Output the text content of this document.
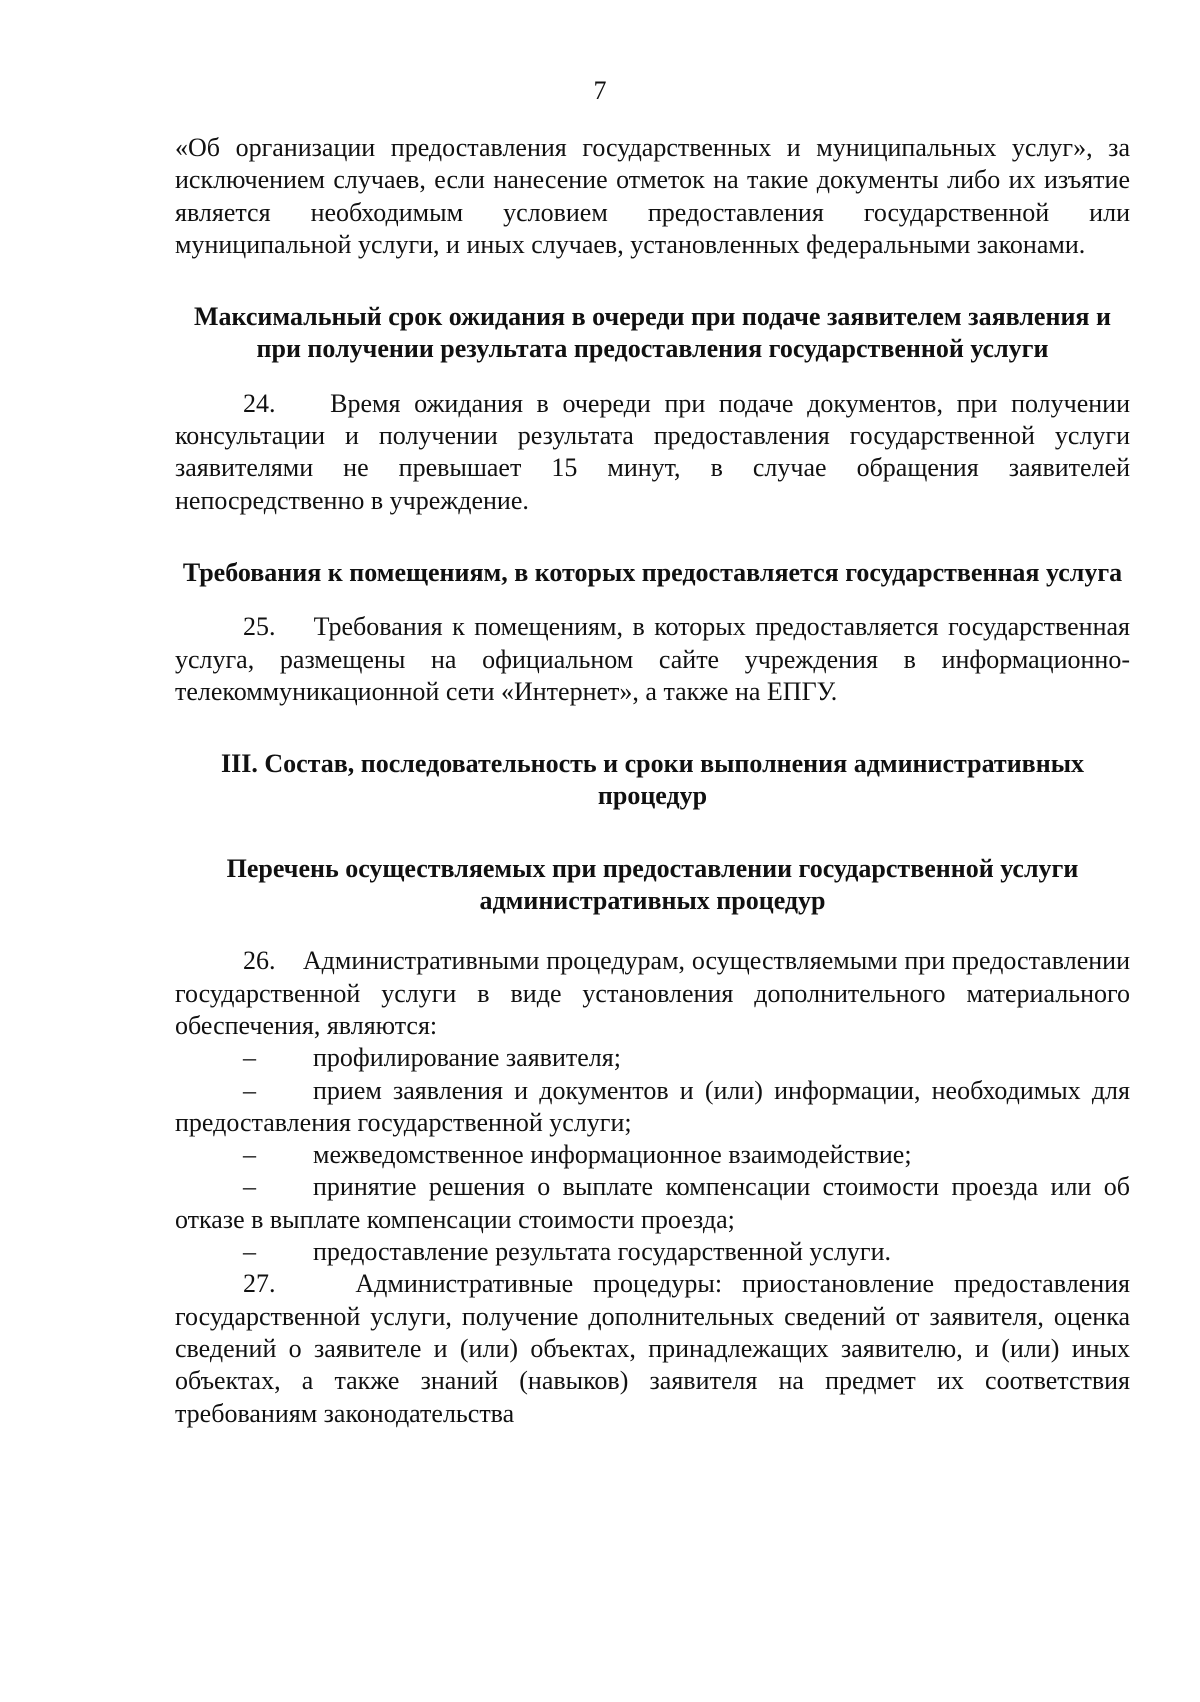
7

«Об организации предоставления государственных и муниципальных услуг», за исключением случаев, если нанесение отметок на такие документы либо их изъятие является необходимым условием предоставления государственной или муниципальной услуги, и иных случаев, установленных федеральными законами.

Максимальный срок ожидания в очереди при подаче заявителем заявления и при получении результата предоставления государственной услуги

24. Время ожидания в очереди при подаче документов, при получении консультации и получении результата предоставления государственной услуги заявителями не превышает 15 минут, в случае обращения заявителей непосредственно в учреждение.

Требования к помещениям, в которых предоставляется государственная услуга

25. Требования к помещениям, в которых предоставляется государственная услуга, размещены на официальном сайте учреждения в информационно-телекоммуникационной сети «Интернет», а также на ЕПГУ.

III. Состав, последовательность и сроки выполнения административных процедур
Перечень осуществляемых при предоставлении государственной услуги административных процедур

26. Административными процедурам, осуществляемыми при предоставлении государственной услуги в виде установления дополнительного материального обеспечения, являются:

– профилирование заявителя;

– прием заявления и документов и (или) информации, необходимых для предоставления государственной услуги;

– межведомственное информационное взаимодействие;

– принятие решения о выплате компенсации стоимости проезда или об отказе в выплате компенсации стоимости проезда;

– предоставление результата государственной услуги.

27.	Административные процедуры: приостановление предоставления государственной услуги, получение дополнительных сведений от заявителя, оценка сведений о заявителе и (или) объектах, принадлежащих заявителю, и (или) иных объектах, а также знаний (навыков) заявителя на предмет их соответствия требованиям законодательства
